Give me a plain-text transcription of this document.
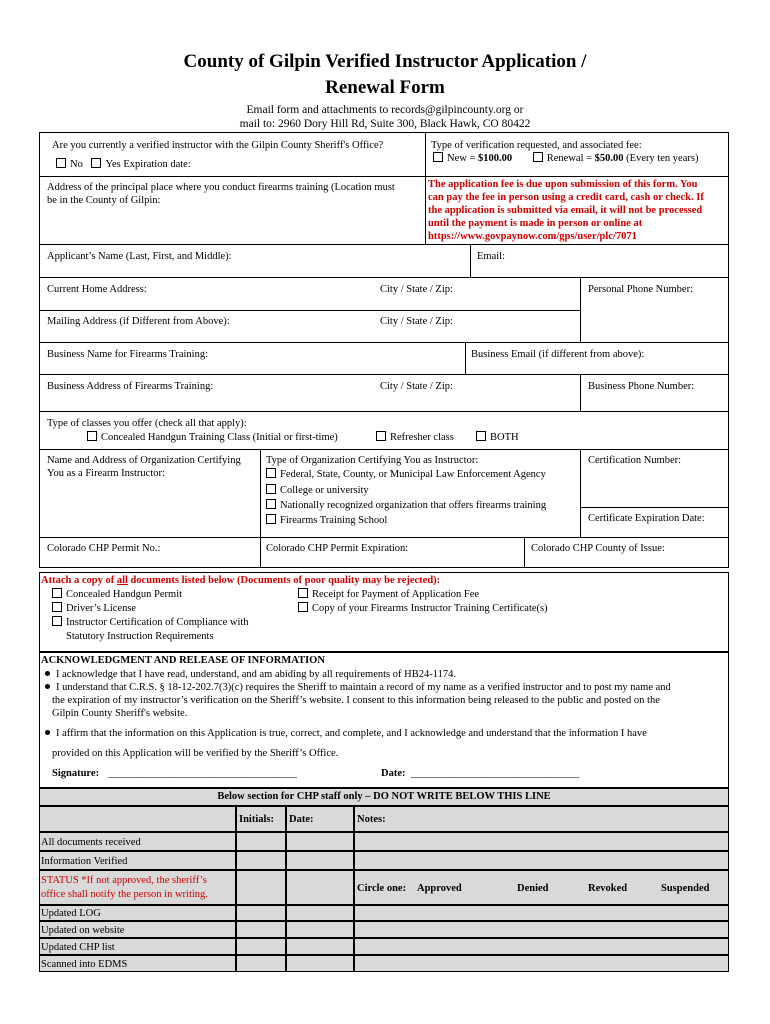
County of Gilpin Verified Instructor Application /
Renewal Form
Email form and attachments to records@gilpincounty.org or
mail to: 2960 Dory Hill Rd, Suite 300, Black Hawk, CO 80422
Are you currently a verified instructor with the Gilpin County Sheriff's Office?
No Yes Expiration date:
Type of verification requested, and associated fee:
New = $100.00	Renewal = $50.00 (Every ten years)
Address of the principal place where you conduct firearms training (Location must
be in the County of Gilpin:
The application fee is due upon submission of this form. You
can pay the fee in person using a credit card, cash or check. If
the application is submitted via email, it will not be processed
until the payment is made in person or online at
https://www.govpaynow.com/gps/user/plc/7071
Applicant’s Name (Last, First, and Middle):	Email:
Current Home Address:	City / State / Zip:	Personal Phone Number:
Mailing Address (if Different from Above):	City / State / Zip:
Business Name for Firearms Training:	Business Email (if different from above):
Business Address of Firearms Training:	City / State / Zip:	Business Phone Number:
Type of classes you offer (check all that apply):
Concealed Handgun Training Class (Initial or first-time)	Refresher class	BOTH
Name and Address of Organization Certifying
You as a Firearm Instructor:
Type of Organization Certifying You as Instructor:
Federal, State, County, or Municipal Law Enforcement Agency
College or university
Nationally recognized organization that offers firearms training
Firearms Training School
Certification Number:
Certificate Expiration Date:
Colorado CHP Permit No.:	Colorado CHP Permit Expiration:	Colorado CHP County of Issue:
Attach a copy of all documents listed below (Documents of poor quality may be rejected):
Concealed Handgun Permit
Driver’s License
Instructor Certification of Compliance with
Statutory Instruction Requirements
Receipt for Payment of Application Fee
Copy of your Firearms Instructor Training Certificate(s)
ACKNOWLEDGMENT AND RELEASE OF INFORMATION
I acknowledge that I have read, understand, and am abiding by all requirements of HB24-1174.
I understand that C.R.S. § 18-12-202.7(3)(c) requires the Sheriff to maintain a record of my name as a verified instructor and to post my name and
the expiration of my instructor’s verification on the Sheriff’s website. I consent to this information being released to the public and posted on the
Gilpin County Sheriff's website.
I affirm that the information on this Application is true, correct, and complete, and I acknowledge and understand that the information I have
provided on this Application will be verified by the Sheriff’s Office.
Signature: ____________________________________	Date: ________________________________
Below section for CHP staff only – DO NOT WRITE BELOW THIS LINE
Initials: Date:	Notes:
All documents received
Information Verified
STATUS *If not approved, the sheriff’s
office shall notify the person in writing.
Circle one: Approved	Denied	Revoked	Suspended
Updated LOG
Updated on website
Updated CHP list
Scanned into EDMS
